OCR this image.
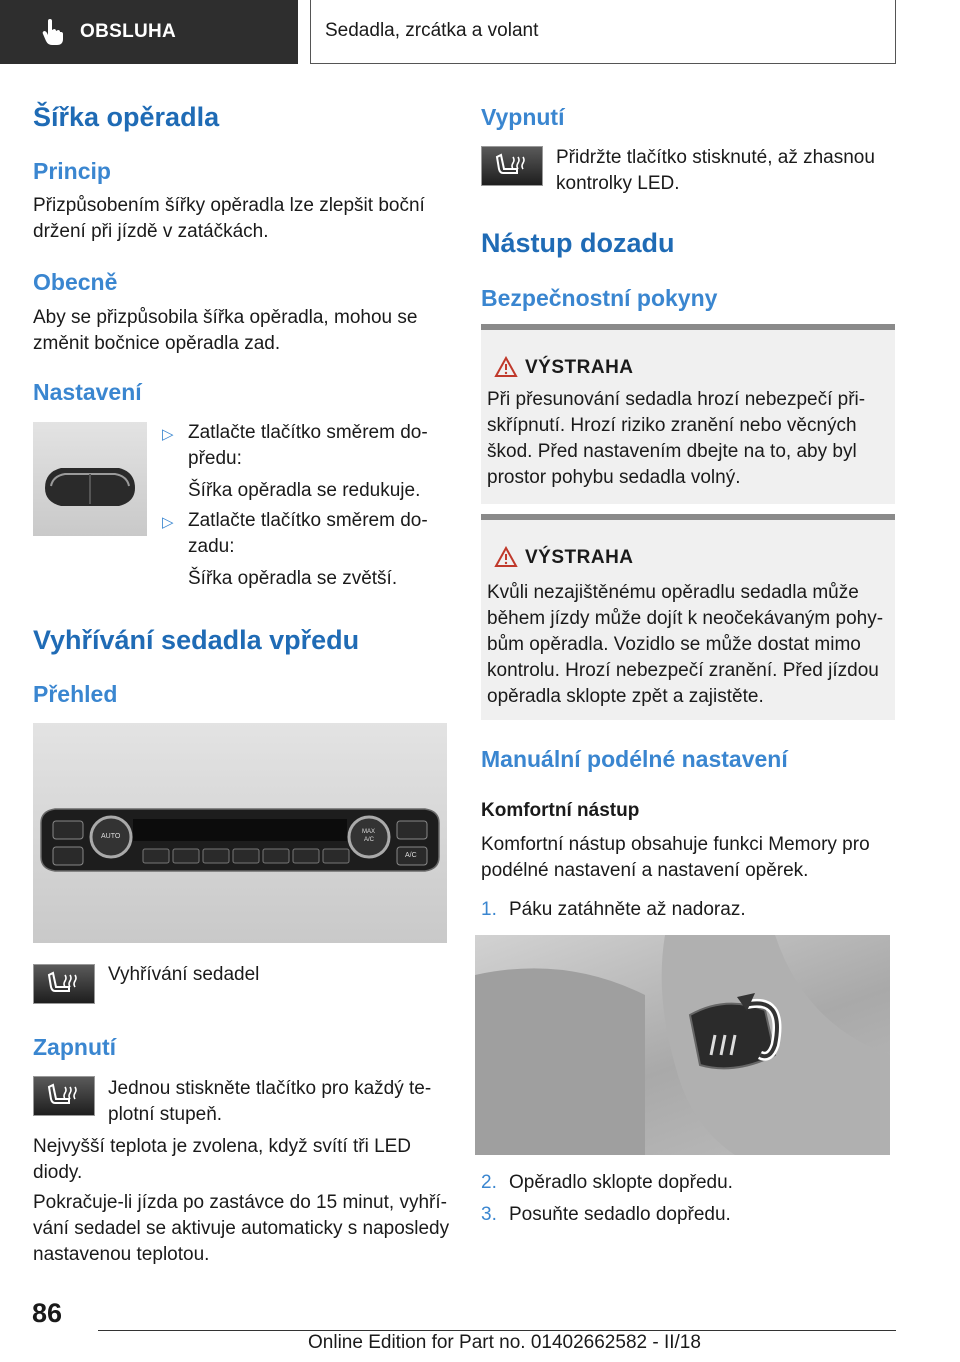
OBSLUHA	Sedadla, zrcátka a volant
Šířka opěradla
Princip
Přizpůsobením šířky opěradla lze zlepšit boční
držení při jízdě v zatáčkách.
Obecně
Aby se přizpůsobila šířka opěradla, mohou se
změnit bočnice opěradla zad.
Nastavení
▷ Zatlačte tlačítko směrem do-
předu:
Šířka opěradla se redukuje.
▷ Zatlačte tlačítko směrem do-
zadu:
Šířka opěradla se zvětší.
Vyhřívání sedadla vpředu
Přehled
AUTO
MAX
A/C
A/C
Vyhřívání sedadel
Zapnutí
Jednou stiskněte tlačítko pro každý te-
plotní stupeň.
Nejvyšší teplota je zvolena, když svítí tři LED
diody.
Pokračuje-li jízda po zastávce do 15 minut, vyhří-
vání sedadel se aktivuje automaticky s naposledy
nastavenou teplotou.
Vypnutí
Přidržte tlačítko stisknuté, až zhasnou
kontrolky LED.
Nástup dozadu
Bezpečnostní pokyny
VÝSTRAHA
Při přesunování sedadla hrozí nebezpečí při-
skřípnutí. Hrozí riziko zranění nebo věcných
škod. Před nastavením dbejte na to, aby byl
prostor pohybu sedadla volný.
VÝSTRAHA
Kvůli nezajištěnému opěradlu sedadla může
během jízdy může dojít k neočekávaným pohy-
bům opěradla. Vozidlo se může dostat mimo
kontrolu. Hrozí nebezpečí zranění. Před jízdou
opěradla sklopte zpět a zajistěte.
Manuální podélné nastavení
Komfortní nástup
Komfortní nástup obsahuje funkci Memory pro
podélné nastavení a nastavení opěrek.
1. Páku zatáhněte až nadoraz.
2. Opěradlo sklopte dopředu.
3. Posuňte sedadlo dopředu.
86
Online Edition for Part no. 01402662582 - II/18
